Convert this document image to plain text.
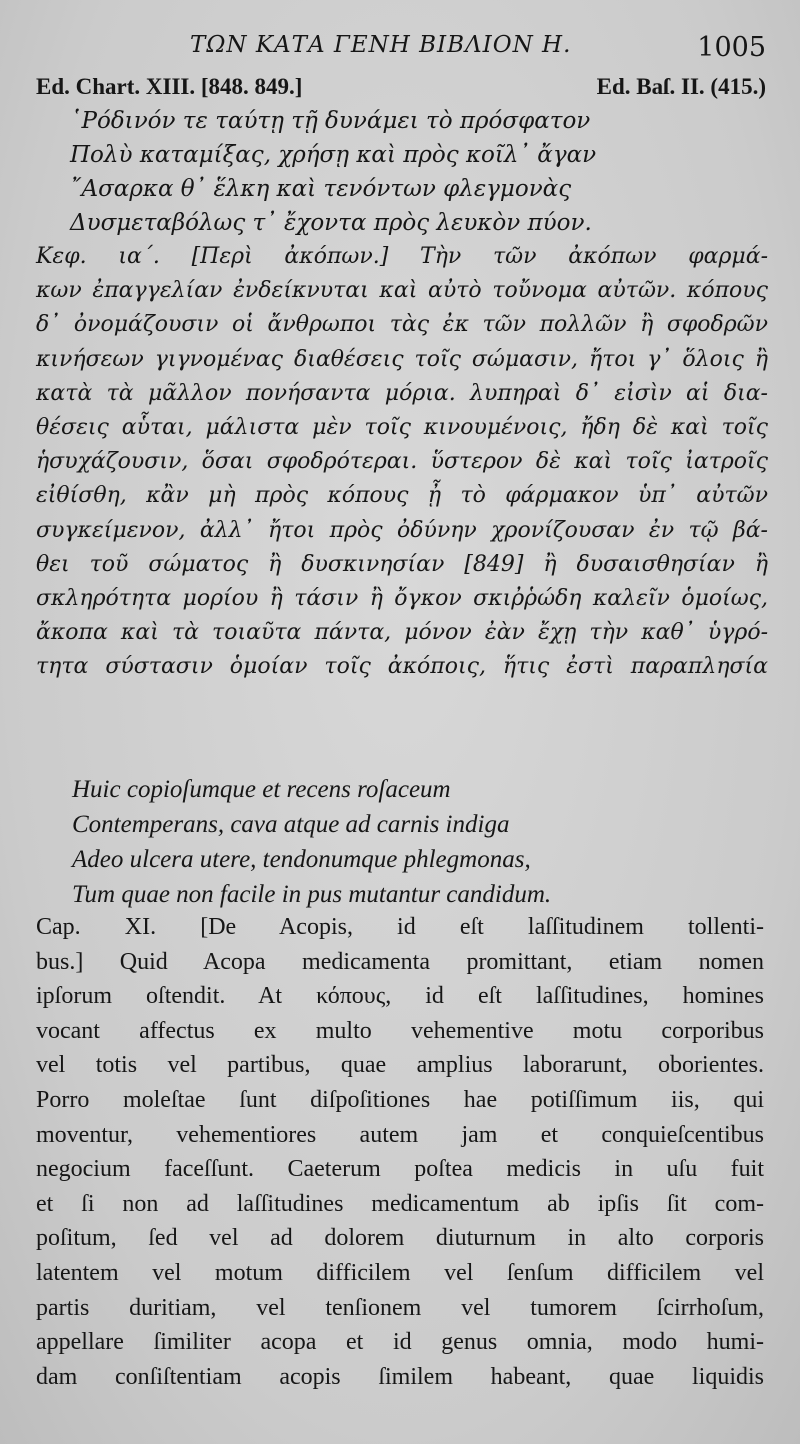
ΤΩΝ ΚΑΤΑ ΓΕΝΗ ΒΙΒΛΙΟΝ Η.	1005
Ed. Chart. XIII. [848. 849.]	Ed. Baſ. II. (415.)
῾Ρόδινόν τε ταύτῃ τῇ δυνάμει τὸ πρόσφατον
Πολὺ καταμίξας, χρήσῃ καὶ πρὸς κοῖλ᾽ ἄγαν
῎Ασαρκα θ᾽ ἕλκη καὶ τενόντων φλεγμονὰς
Δυσμεταβόλως τ᾽ ἔχοντα πρὸς λευκὸν πύον.
Κεφ. ια΄. [Περὶ ἀκόπων.] Τὴν τῶν ἀκόπων φαρμά-
κων ἐπαγγελίαν ἐνδείκνυται καὶ αὐτὸ τοὔνομα αὐτῶν. κόπους
δ᾽ ὀνομάζουσιν οἱ ἄνθρωποι τὰς ἐκ τῶν πολλῶν ἢ σφοδρῶν
κινήσεων γιγνομένας διαθέσεις τοῖς σώμασιν, ἤτοι γ᾽ ὅλοις ἢ
κατὰ τὰ μᾶλλον πονήσαντα μόρια. λυπηραὶ δ᾽ εἰσὶν αἱ δια-
θέσεις αὗται, μάλιστα μὲν τοῖς κινουμένοις, ἤδη δὲ καὶ τοῖς
ἡσυχάζουσιν, ὅσαι σφοδρότεραι. ὕστερον δὲ καὶ τοῖς ἰατροῖς
εἰθίσθη, κἂν μὴ πρὸς κόπους ᾖ τὸ φάρμακον ὑπ᾽ αὐτῶν
συγκείμενον, ἀλλ᾽ ἤτοι πρὸς ὀδύνην χρονίζουσαν ἐν τῷ βά-
θει τοῦ σώματος ἢ δυσκινησίαν [849] ἢ δυσαισθησίαν ἢ
σκληρότητα μορίου ἢ τάσιν ἢ ὄγκον σκιῤῥώδη καλεῖν ὁμοίως,
ἄκοπα καὶ τὰ τοιαῦτα πάντα, μόνον ἐὰν ἔχῃ τὴν καθ᾽ ὑγρό-
τητα σύστασιν ὁμοίαν τοῖς ἀκόποις, ἥτις ἐστὶ παραπλησία
Huic copioſumque et recens roſaceum
Contemperans, cava atque ad carnis indiga
Adeo ulcera utere, tendonumque phlegmonas,
Tum quae non facile in pus mutantur candidum.
Cap. XI. [De Acopis, id eſt laſſitudinem tollenti-
bus.] Quid Acopa medicamenta promittant, etiam nomen
ipſorum oſtendit. At κόπους, id eſt laſſitudines, homines
vocant affectus ex multo vehementive motu corporibus
vel totis vel partibus, quae amplius laborarunt, oborientes.
Porro moleſtae ſunt diſpoſitiones hae potiſſimum iis, qui
moventur, vehementiores autem jam et conquieſcentibus
negocium faceſſunt. Caeterum poſtea medicis in uſu fuit
et ſi non ad laſſitudines medicamentum ab ipſis ſit com-
poſitum, ſed vel ad dolorem diuturnum in alto corporis
latentem vel motum difficilem vel ſenſum difficilem vel
partis duritiam, vel tenſionem vel tumorem ſcirrhoſum,
appellare ſimiliter acopa et id genus omnia, modo humi-
dam conſiſtentiam acopis ſimilem habeant, quae liquidis
